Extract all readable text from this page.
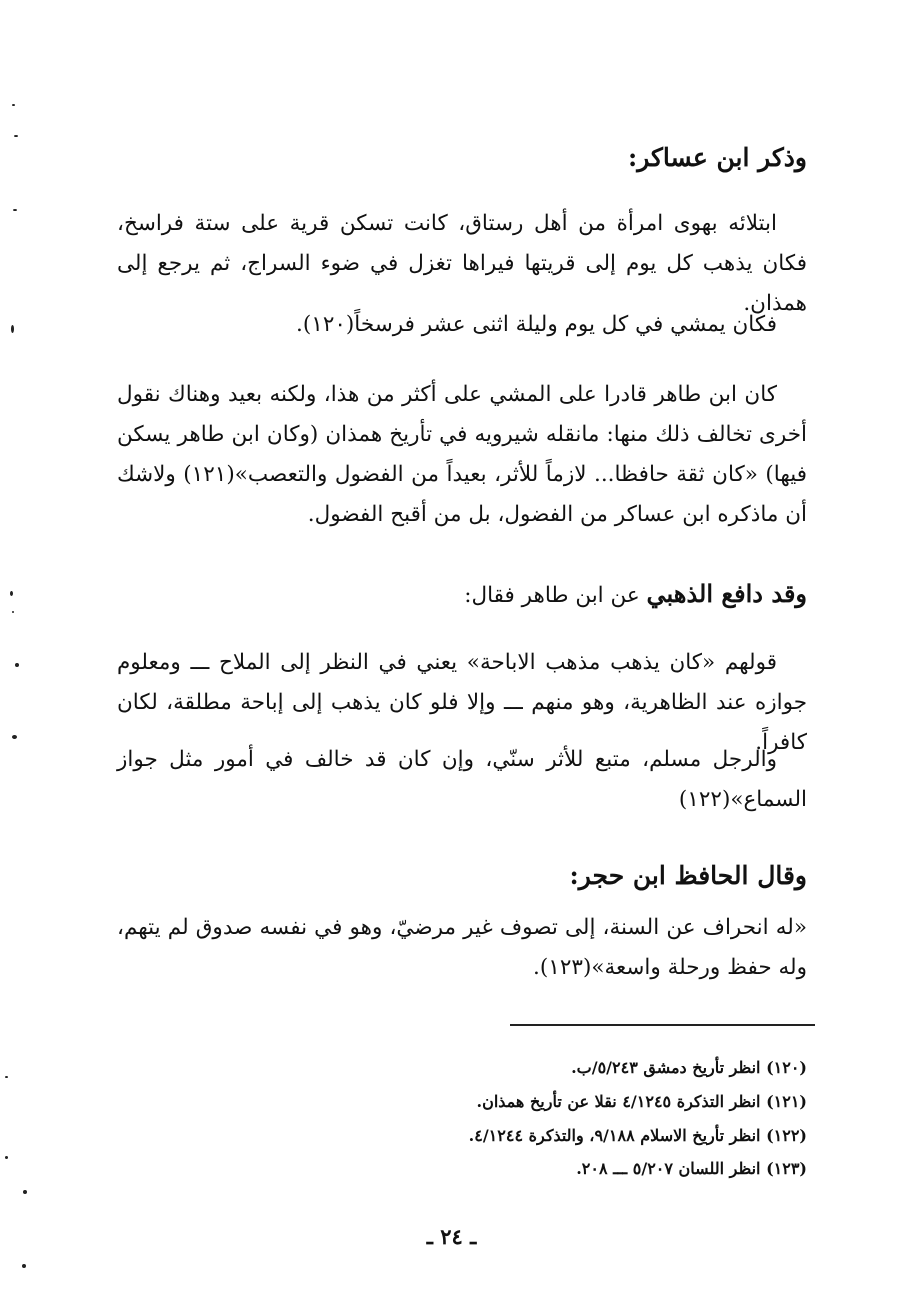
وذكر ابن عساكر:
ابتلائه بهوى امرأة من أهل رستاق، كانت تسكن قرية على ستة فراسخ، فكان يذهب كل يوم إلى قريتها فيراها تغزل في ضوء السراج، ثم يرجع إلى همذان.
فكان يمشي في كل يوم وليلة اثنى عشر فرسخاً(١٢٠).
كان ابن طاهر قادرا على المشي على أكثر من هذا، ولكنه بعيد وهناك نقول أخرى تخالف ذلك منها: مانقله شيرويه في تأريخ همذان (وكان ابن طاهر يسكن فيها) «كان ثقة حافظا... لازماً للأثر، بعيداً من الفضول والتعصب»(١٢١) ولاشك أن ماذكره ابن عساكر من الفضول، بل من أقبح الفضول.
وقد دافع الذهبي عن ابن طاهر فقال:
قولهم «كان يذهب مذهب الاباحة» يعني في النظر إلى الملاح ـــ ومعلوم جوازه عند الظاهرية، وهو منهم ـــ وإلا فلو كان يذهب إلى إباحة مطلقة، لكان كافراً.
والرجل مسلم، متبع للأثر سنّي، وإن كان قد خالف في أمور مثل جواز السماع»(١٢٢)
وقال الحافظ ابن حجر:
«له انحراف عن السنة، إلى تصوف غير مرضيّ، وهو في نفسه صدوق لم يتهم، وله حفظ ورحلة واسعة»(١٢٣).
(١٢٠) انظر تأريخ دمشق ٥/٢٤٣/ب.
(١٢١) انظر التذكرة ٤/١٢٤٥ نقلا عن تأريخ همذان.
(١٢٢) انظر تأريخ الاسلام ٩/١٨٨، والتذكرة ٤/١٢٤٤.
(١٢٣) انظر اللسان ٥/٢٠٧ ـــ ٢٠٨.
ـ ٢٤ ـ
